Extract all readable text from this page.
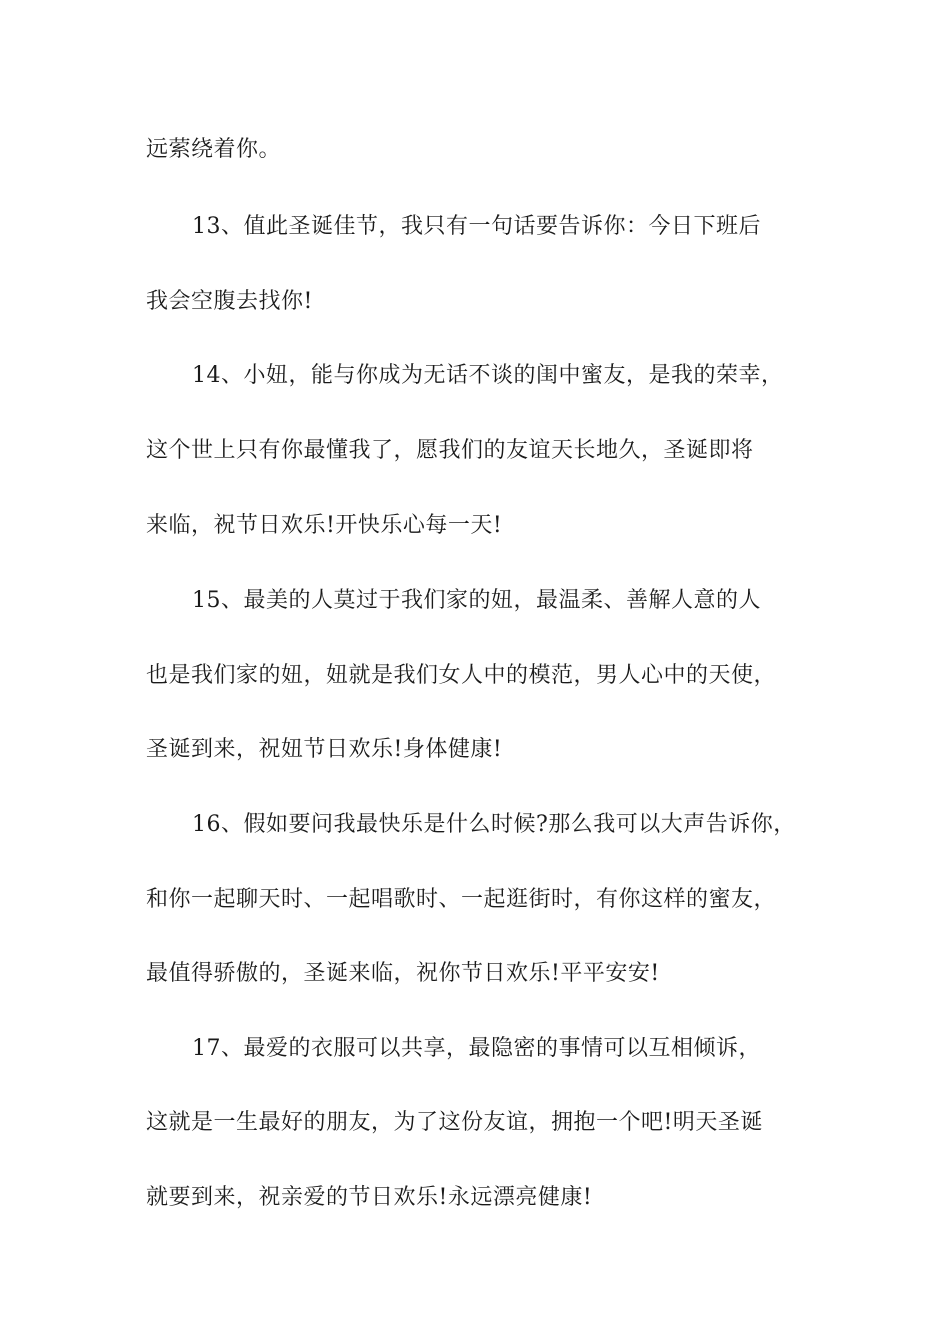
远萦绕着你。
13、值此圣诞佳节，我只有一句话要告诉你：今日下班后
我会空腹去找你!
14、小妞，能与你成为无话不谈的闺中蜜友，是我的荣幸，
这个世上只有你最懂我了，愿我们的友谊天长地久，圣诞即将
来临，祝节日欢乐!开快乐心每一天!
15、最美的人莫过于我们家的妞，最温柔、善解人意的人
也是我们家的妞，妞就是我们女人中的模范，男人心中的天使，
圣诞到来，祝妞节日欢乐!身体健康!
16、假如要问我最快乐是什么时候?那么我可以大声告诉你，
和你一起聊天时、一起唱歌时、一起逛街时，有你这样的蜜友，
最值得骄傲的，圣诞来临，祝你节日欢乐!平平安安!
17、最爱的衣服可以共享，最隐密的事情可以互相倾诉，
这就是一生最好的朋友，为了这份友谊，拥抱一个吧!明天圣诞
就要到来，祝亲爱的节日欢乐!永远漂亮健康!
